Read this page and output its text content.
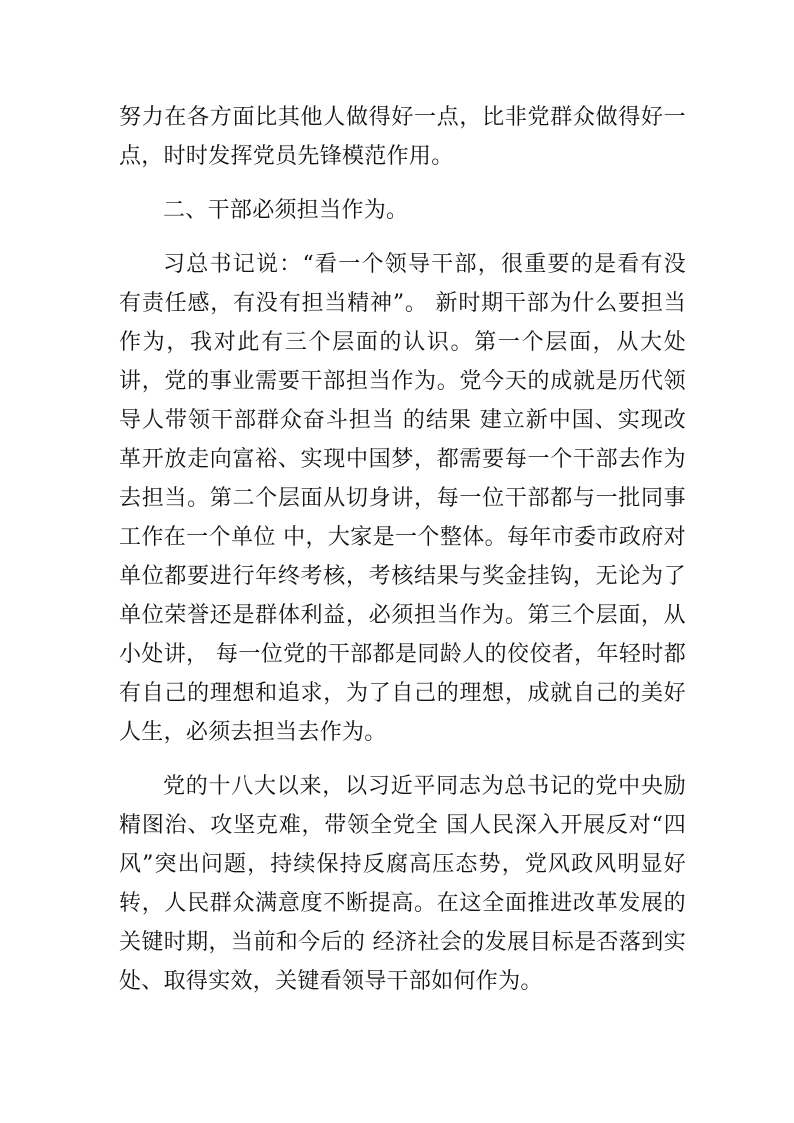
努力在各方面比其他人做得好一点，比非党群众做得好一点，时时发挥党员先锋模范作用。

二、干部必须担当作为。

习总书记说：“看一个领导干部，很重要的是看有没有责任感，有没有担当精神”。 新时期干部为什么要担当作为，我对此有三个层面的认识。第一个层面，从大处讲，党的事业需要干部担当作为。党今天的成就是历代领导人带领干部群众奋斗担当 的结果 建立新中国、实现改革开放走向富裕、实现中国梦，都需要每一个干部去作为去担当。第二个层面从切身讲，每一位干部都与一批同事工作在一个单位 中，大家是一个整体。每年市委市政府对单位都要进行年终考核，考核结果与奖金挂钩，无论为了单位荣誉还是群体利益，必须担当作为。第三个层面，从小处讲， 每一位党的干部都是同龄人的佼佼者，年轻时都有自己的理想和追求，为了自己的理想，成就自己的美好人生，必须去担当去作为。

党的十八大以来，以习近平同志为总书记的党中央励精图治、攻坚克难，带领全党全 国人民深入开展反对“四风”突出问题，持续保持反腐高压态势，党风政风明显好转，人民群众满意度不断提高。在这全面推进改革发展的关键时期，当前和今后的 经济社会的发展目标是否落到实处、取得实效，关键看领导干部如何作为。
